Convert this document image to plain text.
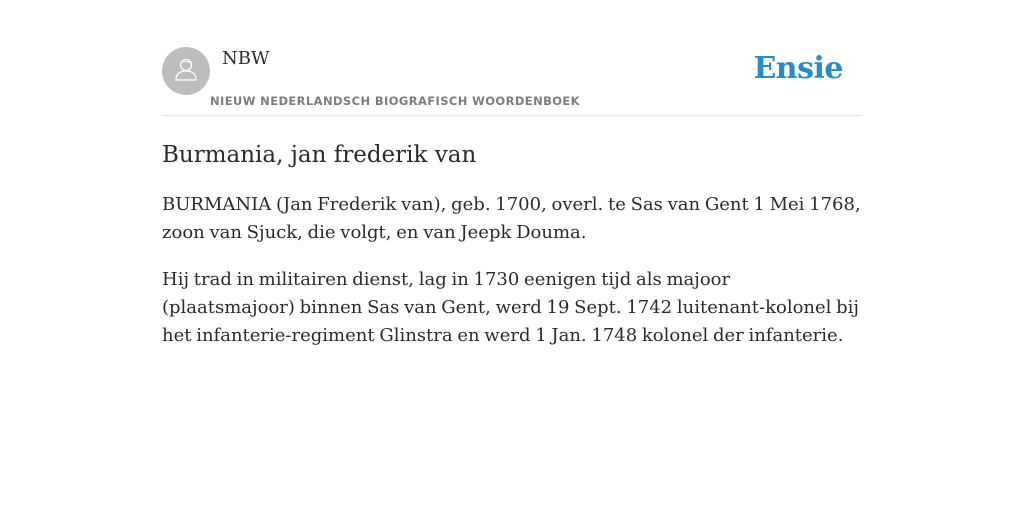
NBW
NIEUW NEDERLANDSCH BIOGRAFISCH WOORDENBOEK
Ensie
Burmania, jan frederik van

BURMANIA (Jan Frederik van), geb. 1700, overl. te Sas van Gent 1 Mei 1768, zoon van Sjuck, die volgt, en van Jeepk Douma.

Hij trad in militairen dienst, lag in 1730 eenigen tijd als majoor (plaatsmajoor) binnen Sas van Gent, werd 19 Sept. 1742 luitenant-kolonel bij het infanterie-regiment Glinstra en werd 1 Jan. 1748 kolonel der infanterie.
